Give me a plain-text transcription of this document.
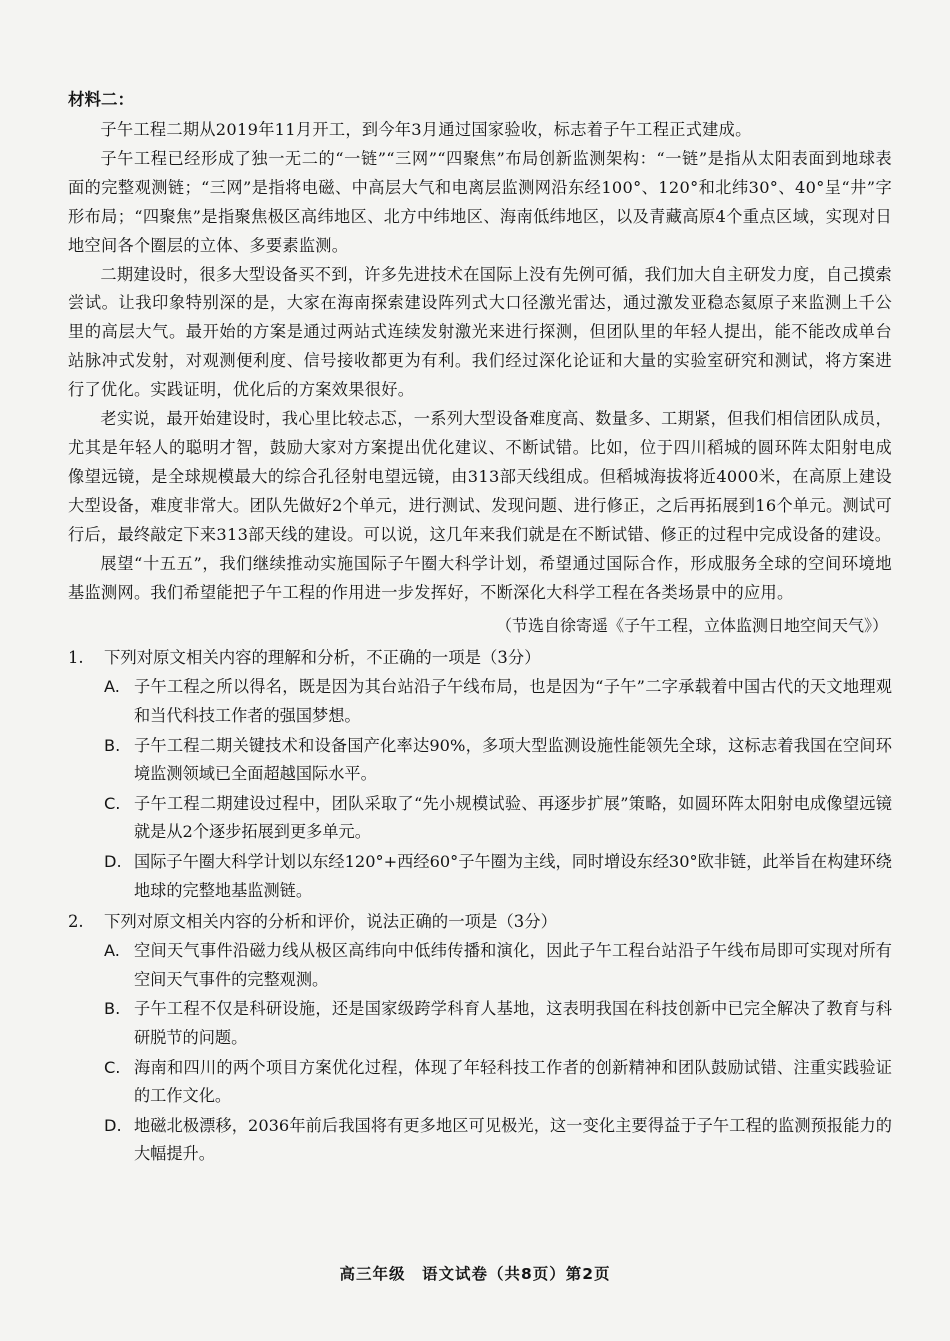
材料二：

子午工程二期从2019年11月开工，到今年3月通过国家验收，标志着子午工程正式建成。

子午工程已经形成了独一无二的“一链”“三网”“四聚焦”布局创新监测架构：“一链”是指从太阳表面到地球表面的完整观测链；“三网”是指将电磁、中高层大气和电离层监测网沿东经100°、120°和北纬30°、40°呈“井”字形布局；“四聚焦”是指聚焦极区高纬地区、北方中纬地区、海南低纬地区，以及青藏高原4个重点区域，实现对日地空间各个圈层的立体、多要素监测。

二期建设时，很多大型设备买不到，许多先进技术在国际上没有先例可循，我们加大自主研发力度，自己摸索尝试。让我印象特别深的是，大家在海南探索建设阵列式大口径激光雷达，通过激发亚稳态氦原子来监测上千公里的高层大气。最开始的方案是通过两站式连续发射激光来进行探测，但团队里的年轻人提出，能不能改成单台站脉冲式发射，对观测便利度、信号接收都更为有利。我们经过深化论证和大量的实验室研究和测试，将方案进行了优化。实践证明，优化后的方案效果很好。

老实说，最开始建设时，我心里比较忐忑，一系列大型设备难度高、数量多、工期紧，但我们相信团队成员，尤其是年轻人的聪明才智，鼓励大家对方案提出优化建议、不断试错。比如，位于四川稻城的圆环阵太阳射电成像望远镜，是全球规模最大的综合孔径射电望远镜，由313部天线组成。但稻城海拔将近4000米，在高原上建设大型设备，难度非常大。团队先做好2个单元，进行测试、发现问题、进行修正，之后再拓展到16个单元。测试可行后，最终敲定下来313部天线的建设。可以说，这几年来我们就是在不断试错、修正的过程中完成设备的建设。

展望“十五五”，我们继续推动实施国际子午圈大科学计划，希望通过国际合作，形成服务全球的空间环境地基监测网。我们希望能把子午工程的作用进一步发挥好，不断深化大科学工程在各类场景中的应用。

（节选自徐寄遥《子午工程，立体监测日地空间天气》）
1.	下列对原文相关内容的理解和分析，不正确的一项是（3分）
A. 子午工程之所以得名，既是因为其台站沿子午线布局，也是因为“子午”二字承载着中国古代的天文地理观和当代科技工作者的强国梦想。
B. 子午工程二期关键技术和设备国产化率达90%，多项大型监测设施性能领先全球，这标志着我国在空间环境监测领域已全面超越国际水平。
C. 子午工程二期建设过程中，团队采取了“先小规模试验、再逐步扩展”策略，如圆环阵太阳射电成像望远镜就是从2个逐步拓展到更多单元。
D. 国际子午圈大科学计划以东经120°+西经60°子午圈为主线，同时增设东经30°欧非链，此举旨在构建环绕地球的完整地基监测链。
2.	下列对原文相关内容的分析和评价，说法正确的一项是（3分）
A. 空间天气事件沿磁力线从极区高纬向中低纬传播和演化，因此子午工程台站沿子午线布局即可实现对所有空间天气事件的完整观测。
B. 子午工程不仅是科研设施，还是国家级跨学科育人基地，这表明我国在科技创新中已完全解决了教育与科研脱节的问题。
C. 海南和四川的两个项目方案优化过程，体现了年轻科技工作者的创新精神和团队鼓励试错、注重实践验证的工作文化。
D. 地磁北极漂移，2036年前后我国将有更多地区可见极光，这一变化主要得益于子午工程的监测预报能力的大幅提升。
高三年级　语文试卷（共8页）第2页
